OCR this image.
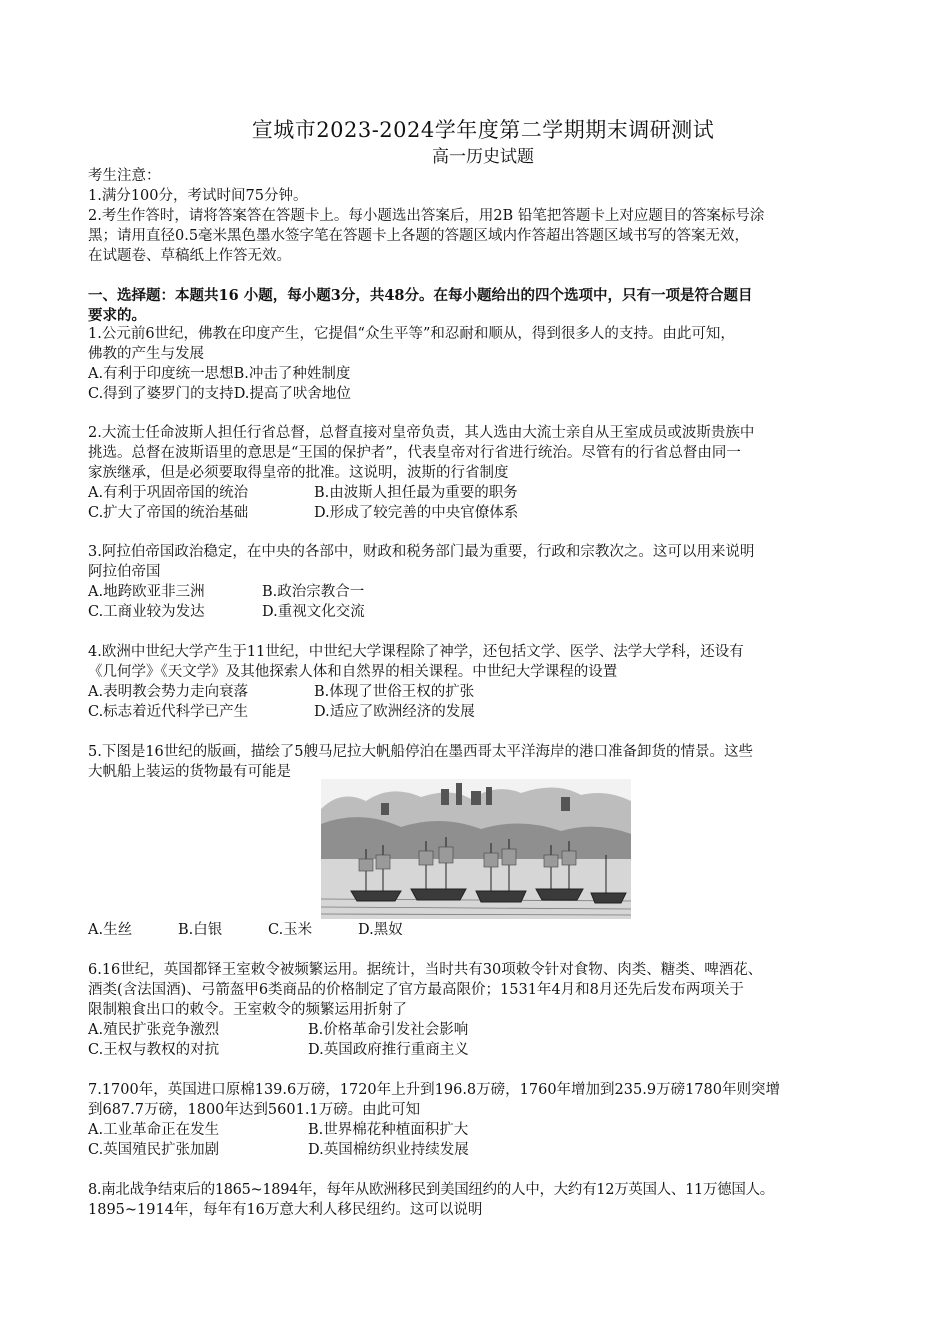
宣城市2023-2024学年度第二学期期末调研测试
高一历史试题

考生注意：

1.满分100分，考试时间75分钟。

2.考生作答时，请将答案答在答题卡上。每小题选出答案后，用2B 铅笔把答题卡上对应题目的答案标号涂

黑；请用直径0.5毫米黑色墨水签字笔在答题卡上各题的答题区域内作答超出答题区域书写的答案无效，

在试题卷、草稿纸上作答无效。

一、选择题：本题共16 小题，每小题3分，共48分。在每小题给出的四个选项中，只有一项是符合题目

要求的。

1.公元前6世纪，佛教在印度产生，它提倡“众生平等”和忍耐和顺从，得到很多人的支持。由此可知，

佛教的产生与发展

A.有利于印度统一思想B.冲击了种姓制度

C.得到了婆罗门的支持D.提高了吠舍地位

2.大流士任命波斯人担任行省总督，总督直接对皇帝负责，其人选由大流士亲自从王室成员或波斯贵族中

挑选。总督在波斯语里的意思是“王国的保护者”，代表皇帝对行省进行统治。尽管有的行省总督由同一

家族继承，但是必须要取得皇帝的批准。这说明，波斯的行省制度

A.有利于巩固帝国的统治	B.由波斯人担任最为重要的职务

C.扩大了帝国的统治基础	D.形成了较完善的中央官僚体系

3.阿拉伯帝国政治稳定，在中央的各部中，财政和税务部门最为重要，行政和宗教次之。这可以用来说明

阿拉伯帝国

A.地跨欧亚非三洲	B.政治宗教合一

C.工商业较为发达	D.重视文化交流

4.欧洲中世纪大学产生于11世纪，中世纪大学课程除了神学，还包括文学、医学、法学大学科，还设有

《几何学》《天文学》及其他探索人体和自然界的相关课程。中世纪大学课程的设置

A.表明教会势力走向衰落	B.体现了世俗王权的扩张

C.标志着近代科学已产生	D.适应了欧洲经济的发展

5.下图是16世纪的版画，描绘了5艘马尼拉大帆船停泊在墨西哥太平洋海岸的港口准备卸货的情景。这些

大帆船上装运的货物最有可能是

A.生丝	B.白银	C.玉米	D.黑奴

6.16世纪，英国都铎王室敕令被频繁运用。据统计，当时共有30项敕令针对食物、肉类、糖类、啤酒花、

酒类(含法国酒)、弓箭盔甲6类商品的价格制定了官方最高限价；1531年4月和8月还先后发布两项关于

限制粮食出口的敕令。王室敕令的频繁运用折射了

A.殖民扩张竞争激烈	B.价格革命引发社会影响

C.王权与教权的对抗	D.英国政府推行重商主义

7.1700年，英国进口原棉139.6万磅，1720年上升到196.8万磅，1760年增加到235.9万磅1780年则突增

到687.7万磅，1800年达到5601.1万磅。由此可知

A.工业革命正在发生	B.世界棉花种植面积扩大

C.英国殖民扩张加剧	D.英国棉纺织业持续发展

8.南北战争结束后的1865~1894年，每年从欧洲移民到美国纽约的人中，大约有12万英国人、11万德国人。

1895~1914年，每年有16万意大利人移民纽约。这可以说明
